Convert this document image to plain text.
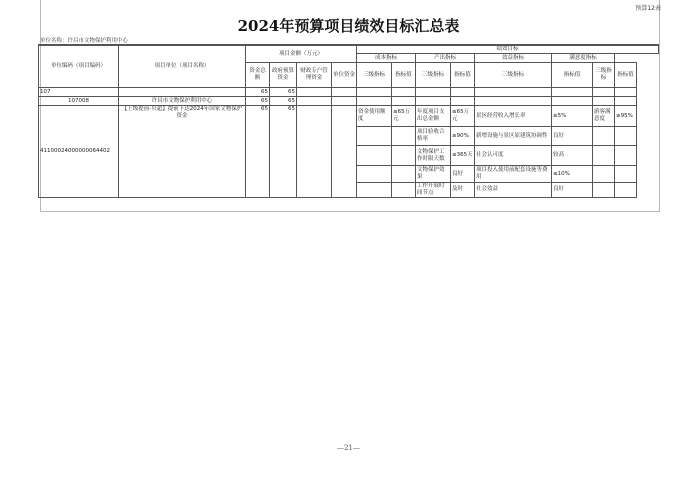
预算12表
2024年预算项目绩效目标汇总表
单位名称：许昌市文物保护利用中心

单位编码（项目编码）	项目单位（项目名称）	项目金额（万元）				绩效目标									
						成本指标		产出指标		效益指标		满意度指标			
		资金总额	政府预算资金	财政专户管理资金	单位资金	三级指标	指标值	三级指标	指标值	三级指标		指标值	三级指标	指标值	
107		65	65												
107008	许昌市文物保护利用中心	65	65												
41100024000000064402	【上级提前-贝超】提前下达2024年国家文物保护资金	65	65			资金使用额度	≤65万元	年度项目支出总金额	≤65万元	景区经营收入增长率		≥5%	游客满意度	≥95%	
								项目验收合格率	≥90%	新增设施与景区原建筑协调性		良好			
								文物保护工作时限天数	≤365天	社会认可度		较高			
								文物保护效果	良好	项目投入使用前配套设施等费用		≤10%			
								工作开展时间节点	及时	社会效益		良好			
—21—
